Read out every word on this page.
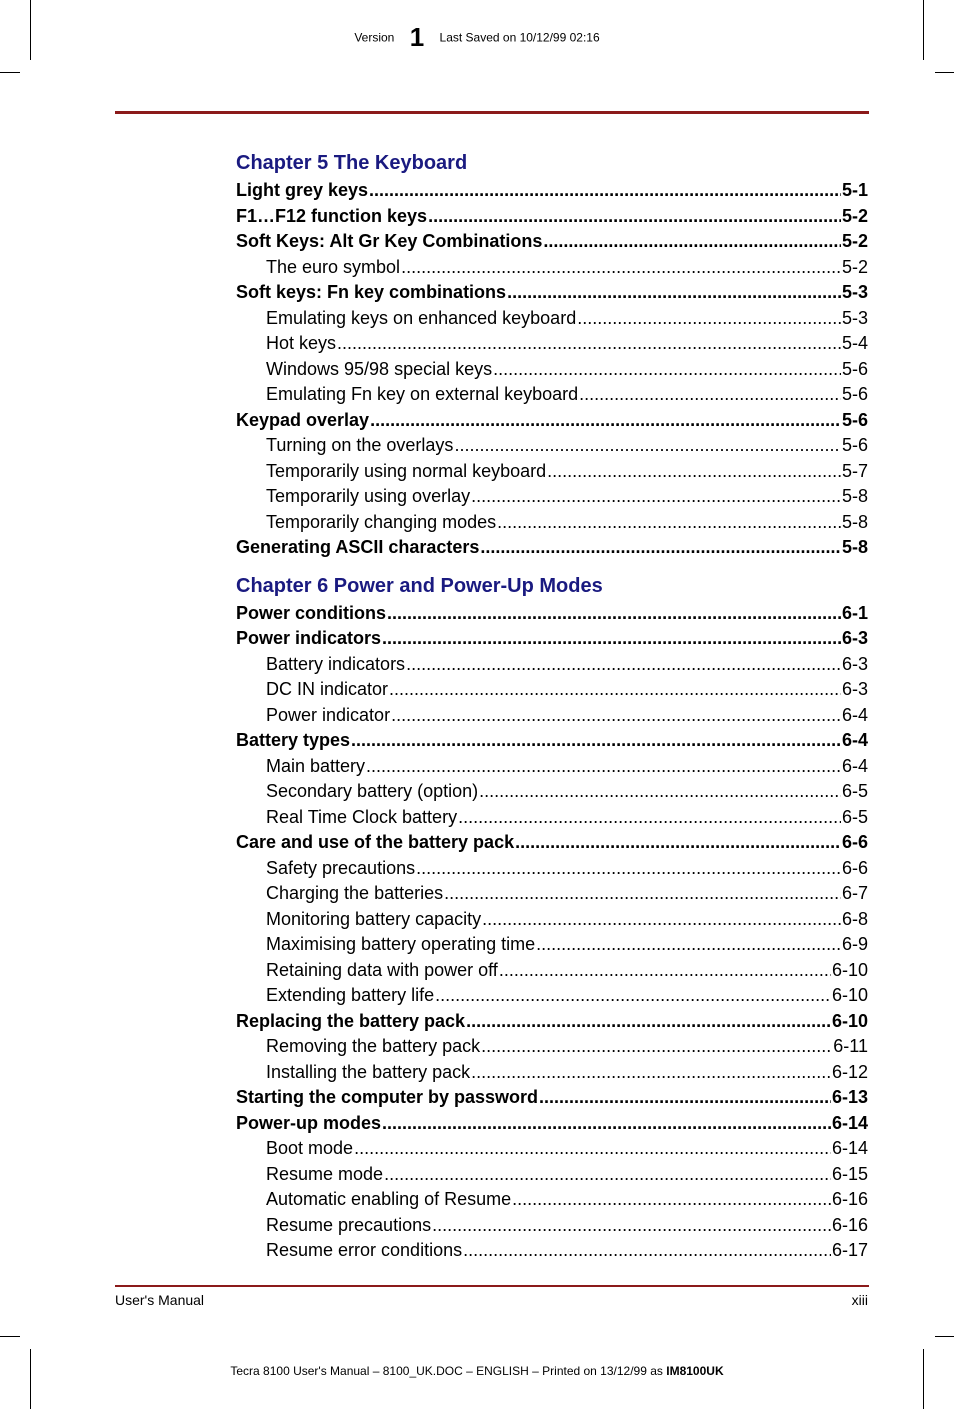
Version 1 Last Saved on 10/12/99 02:16
Chapter 5 The Keyboard
Light grey keys .....	5-1
F1…F12 function keys .....	5-2
Soft Keys: Alt Gr Key Combinations .....	5-2
The euro symbol .....	5-2
Soft keys: Fn key combinations .....	5-3
Emulating keys on enhanced keyboard .....	5-3
Hot keys .....	5-4
Windows 95/98 special keys .....	5-6
Emulating Fn key on external keyboard .....	5-6
Keypad overlay .....	5-6
Turning on the overlays .....	5-6
Temporarily using normal keyboard .....	5-7
Temporarily using overlay .....	5-8
Temporarily changing modes .....	5-8
Generating ASCII characters .....	5-8
Chapter 6 Power and Power-Up Modes
Power conditions .....	6-1
Power indicators .....	6-3
Battery indicators .....	6-3
DC IN indicator .....	6-3
Power indicator .....	6-4
Battery types .....	6-4
Main battery .....	6-4
Secondary battery (option) .....	6-5
Real Time Clock battery .....	6-5
Care and use of the battery pack .....	6-6
Safety precautions .....	6-6
Charging the batteries .....	6-7
Monitoring battery capacity .....	6-8
Maximising battery operating time .....	6-9
Retaining data with power off .....	6-10
Extending battery life .....	6-10
Replacing the battery pack .....	6-10
Removing the battery pack .....	6-11
Installing the battery pack .....	6-12
Starting the computer by password .....	6-13
Power-up modes .....	6-14
Boot mode .....	6-14
Resume mode .....	6-15
Automatic enabling of Resume .....	6-16
Resume precautions .....	6-16
Resume error conditions .....	6-17
User's Manual	xiii
Tecra 8100 User's Manual – 8100_UK.DOC – ENGLISH – Printed on 13/12/99 as IM8100UK
